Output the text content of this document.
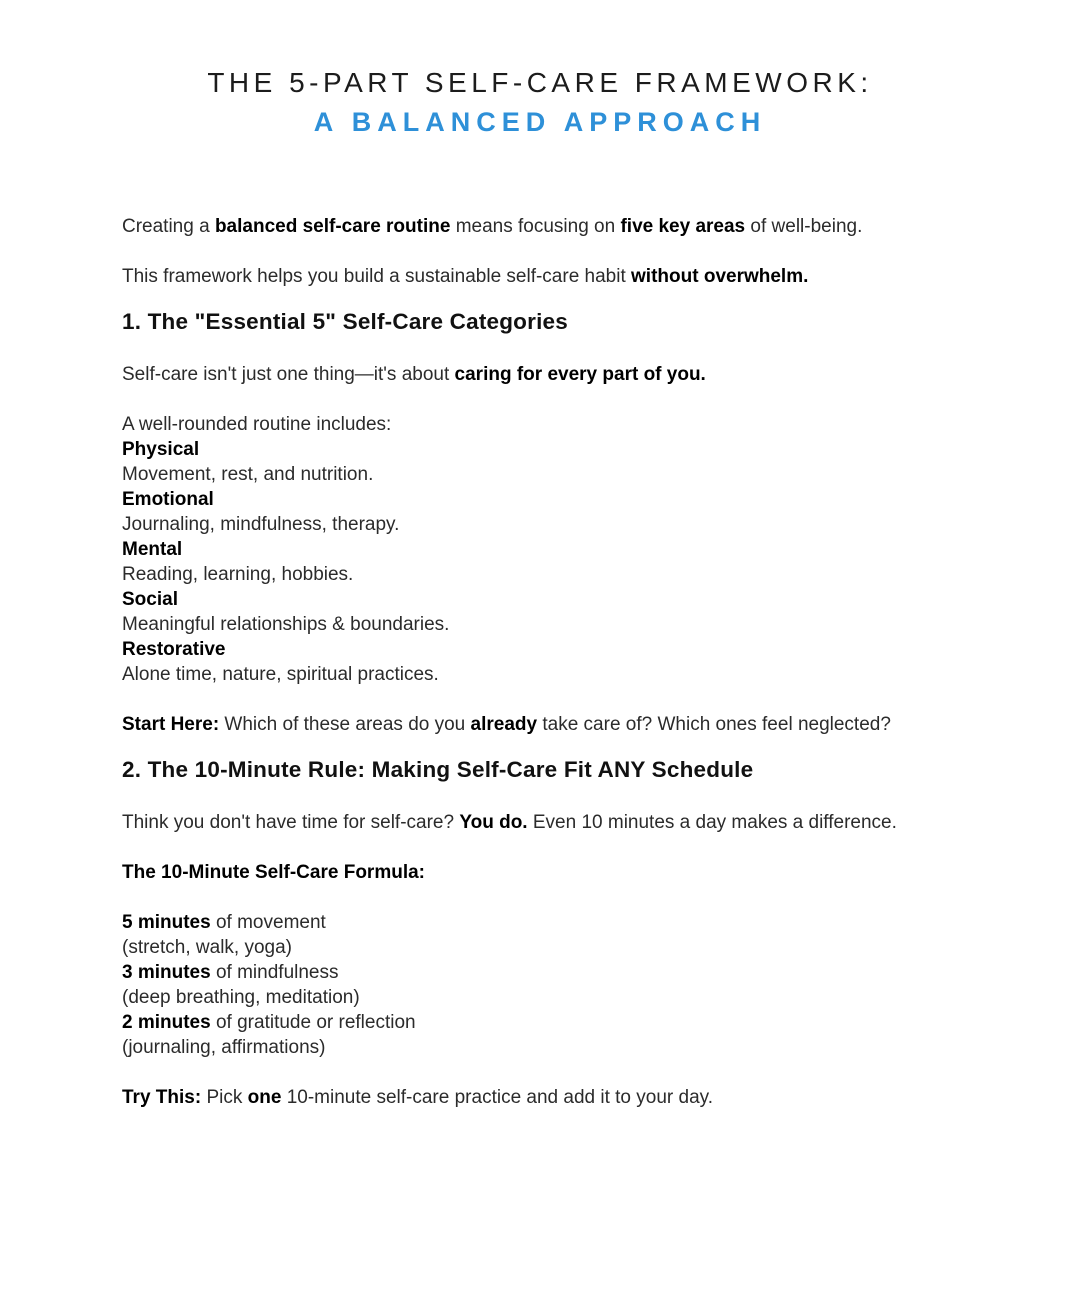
THE 5-PART SELF-CARE FRAMEWORK:
A BALANCED APPROACH

Creating a balanced self-care routine means focusing on five key areas of well-being.

This framework helps you build a sustainable self-care habit without overwhelm.

1. The "Essential 5" Self-Care Categories

Self-care isn't just one thing—it's about caring for every part of you.

A well-rounded routine includes:

Physical

Movement, rest, and nutrition.

Emotional

Journaling, mindfulness, therapy.

Mental

Reading, learning, hobbies.

Social

Meaningful relationships & boundaries.

Restorative

Alone time, nature, spiritual practices.

Start Here: Which of these areas do you already take care of? Which ones feel neglected?

2. The 10-Minute Rule: Making Self-Care Fit ANY Schedule

Think you don't have time for self-care? You do. Even 10 minutes a day makes a difference.

The 10-Minute Self-Care Formula:

5 minutes of movement

(stretch, walk, yoga)

3 minutes of mindfulness

(deep breathing, meditation)

2 minutes of gratitude or reflection

(journaling, affirmations)

Try This: Pick one 10-minute self-care practice and add it to your day.
